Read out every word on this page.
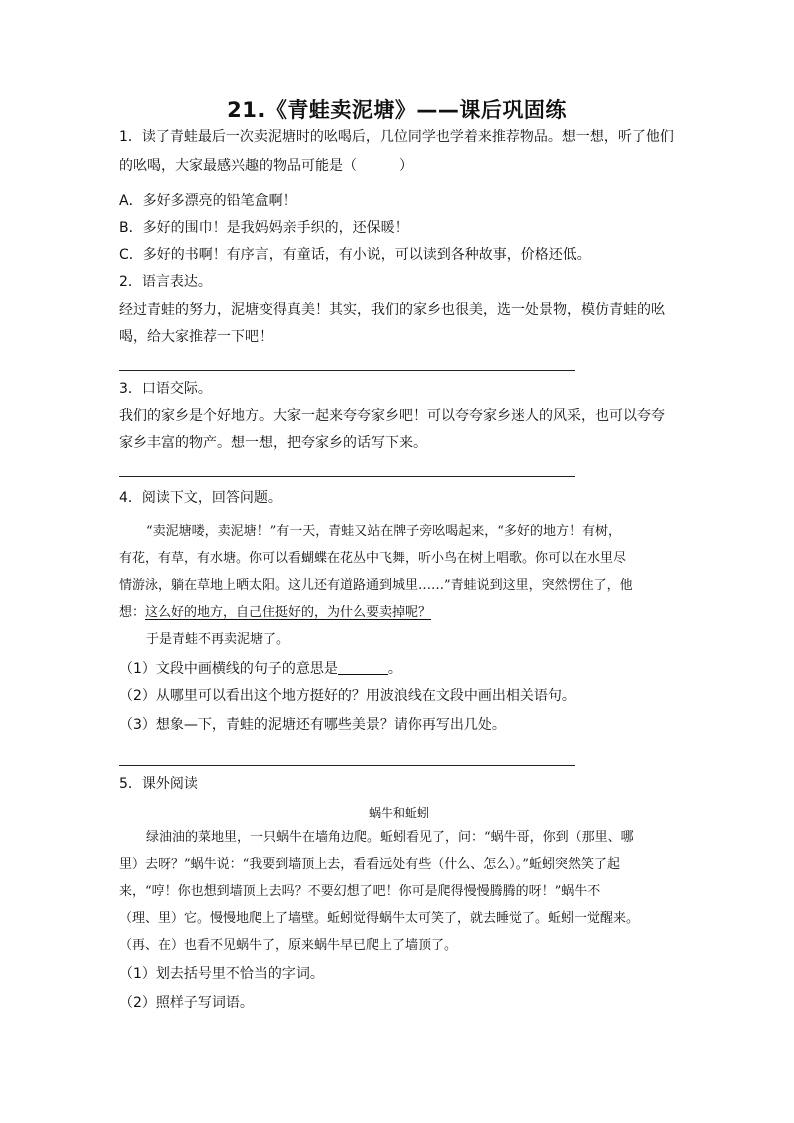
21.《青蛙卖泥塘》——课后巩固练
1．读了青蛙最后一次卖泥塘时的吆喝后，几位同学也学着来推荐物品。想一想，听了他们
的吆喝，大家最感兴趣的物品可能是（　　　）
A．多好多漂亮的铅笔盒啊！
B．多好的围巾！是我妈妈亲手织的，还保暖！
C．多好的书啊！有序言，有童话，有小说，可以读到各种故事，价格还低。
2．语言表达。
经过青蛙的努力，泥塘变得真美！其实，我们的家乡也很美，选一处景物，模仿青蛙的吆
喝，给大家推荐一下吧！
3．口语交际。
我们的家乡是个好地方。大家一起来夸夸家乡吧！可以夸夸家乡迷人的风采，也可以夸夸
家乡丰富的物产。想一想，把夸家乡的话写下来。
4．阅读下文，回答问题。
“卖泥塘喽，卖泥塘！”有一天，青蛙又站在牌子旁吆喝起来，“多好的地方！有树，
有花，有草，有水塘。你可以看蝴蝶在花丛中飞舞，听小鸟在树上唱歌。你可以在水里尽
情游泳，躺在草地上晒太阳。这儿还有道路通到城里……”青蛙说到这里，突然愣住了，他
想：这么好的地方，自己住挺好的，为什么要卖掉呢？
于是青蛙不再卖泥塘了。
（1）文段中画横线的句子的意思是	。
（2）从哪里可以看出这个地方挺好的？用波浪线在文段中画出相关语句。
（3）想象—下，青蛙的泥塘还有哪些美景？请你再写出几处。
5．课外阅读
蜗牛和蚯蚓
绿油油的菜地里，一只蜗牛在墙角边爬。蚯蚓看见了，问：“蜗牛哥，你到（那里、哪
里）去呀？”蜗牛说：“我要到墙顶上去，看看远处有些（什么、怎么）。”蚯蚓突然笑了起
来，“哼！你也想到墙顶上去吗？不要幻想了吧！你可是爬得慢慢腾腾的呀！”蜗牛不
（理、里）它。慢慢地爬上了墙壁。蚯蚓觉得蜗牛太可笑了，就去睡觉了。蚯蚓一觉醒来。
（再、在）也看不见蜗牛了，原来蜗牛早已爬上了墙顶了。
（1）划去括号里不恰当的字词。
（2）照样子写词语。
